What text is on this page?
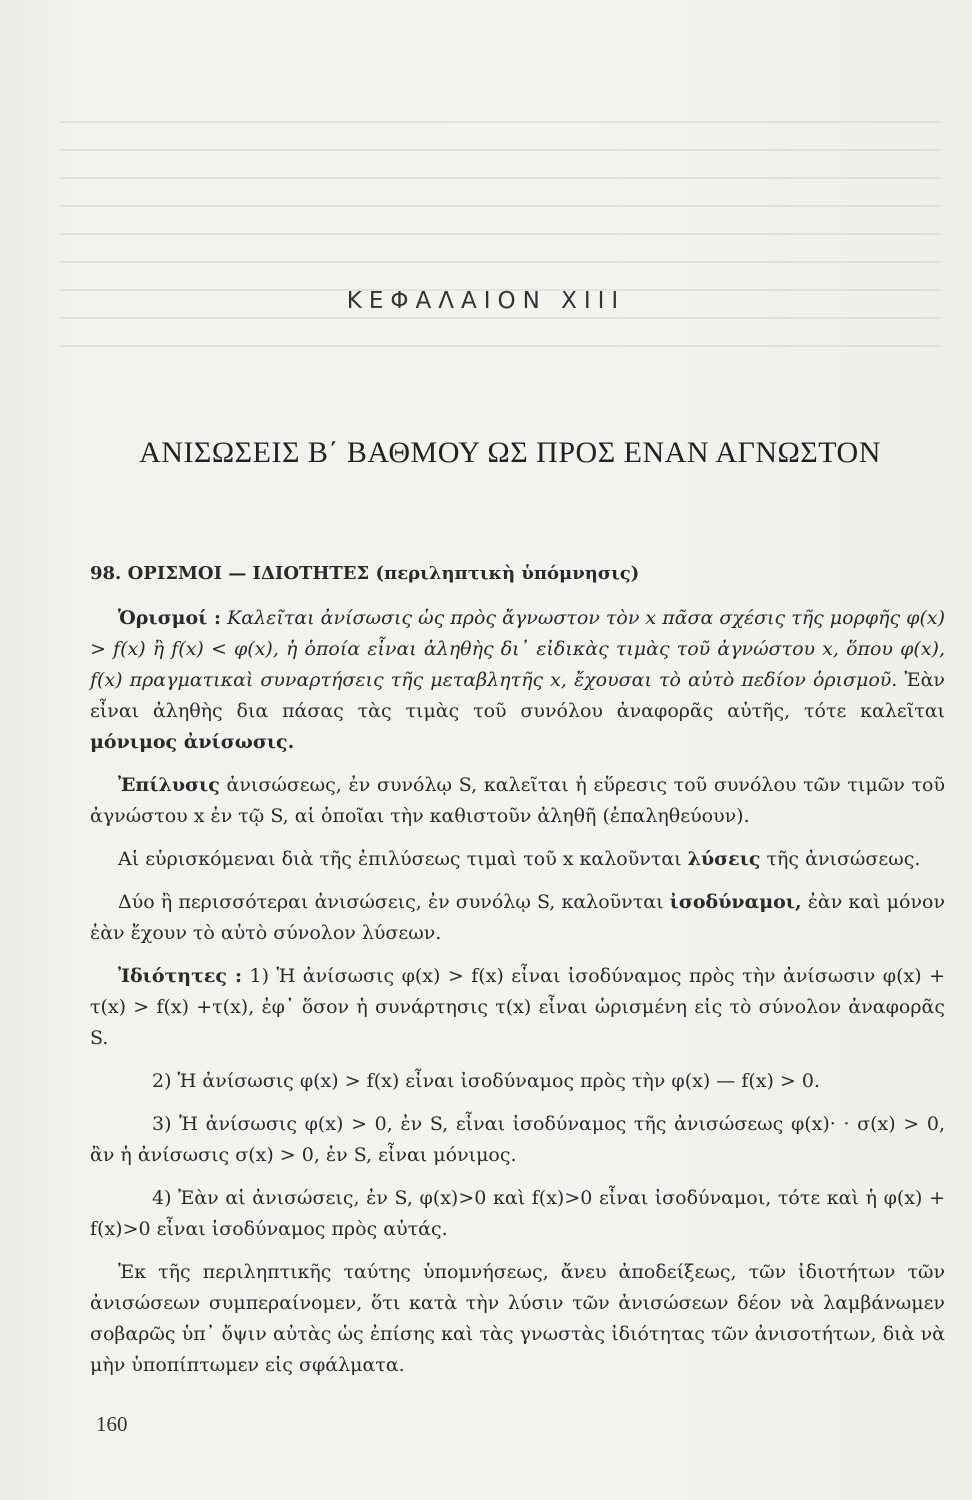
ΚΕΦΑΛΑΙΟΝ XIII
ΑΝΙΣΩΣΕΙΣ Β΄ ΒΑΘΜΟΥ ΩΣ ΠΡΟΣ ΕΝΑΝ ΑΓΝΩΣΤΟΝ

98. ΟΡΙΣΜΟΙ — ΙΔΙΟΤΗΤΕΣ (περιληπτικὴ ὑπόμνησις)

Ὁρισμοί : Καλεῖται ἀνίσωσις ὡς πρὸς ἄγνωστον τὸν x πᾶσα σχέσις τῆς μορφῆς φ(x) > f(x) ἢ f(x) < φ(x), ἡ ὁποία εἶναι ἀληθὴς δι᾽ εἰδικὰς τιμὰς τοῦ ἀγνώστου x, ὅπου φ(x), f(x) πραγματικαὶ συναρτήσεις τῆς μεταβλητῆς x, ἔχουσαι τὸ αὐτὸ πεδίον ὁρισμοῦ. Ἐὰν εἶναι ἀληθὴς δια πάσας τὰς τιμὰς τοῦ συνόλου ἀναφορᾶς αὐτῆς, τότε καλεῖται μόνιμος ἀνίσωσις.

Ἐπίλυσις ἀνισώσεως, ἐν συνόλῳ S, καλεῖται ἡ εὕρεσις τοῦ συνόλου τῶν τιμῶν τοῦ ἀγνώστου x ἐν τῷ S, αἱ ὁποῖαι τὴν καθιστοῦν ἀληθῆ (ἐπαληθεύουν).

Αἱ εὑρισκόμεναι διὰ τῆς ἐπιλύσεως τιμαὶ τοῦ x καλοῦνται λύσεις τῆς ἀνισώσεως.

Δύο ἢ περισσότεραι ἀνισώσεις, ἐν συνόλῳ S, καλοῦνται ἰσοδύναμοι, ἐὰν καὶ μόνον ἐὰν ἔχουν τὸ αὐτὸ σύνολον λύσεων.

Ἰδιότητες : 1) Ἡ ἀνίσωσις φ(x) > f(x) εἶναι ἰσοδύναμος πρὸς τὴν ἀνίσωσιν φ(x) + τ(x) > f(x) +τ(x), ἐφ᾽ ὅσον ἡ συνάρτησις τ(x) εἶναι ὡρισμένη εἰς τὸ σύνολον ἀναφορᾶς S.

2) Ἡ ἀνίσωσις φ(x) > f(x) εἶναι ἰσοδύναμος πρὸς τὴν φ(x) — f(x) > 0.

3) Ἡ ἀνίσωσις φ(x) > 0, ἐν S, εἶναι ἰσοδύναμος τῆς ἀνισώσεως φ(x)· · σ(x) > 0, ἂν ἡ ἀνίσωσις σ(x) > 0, ἐν S, εἶναι μόνιμος.

4) Ἐὰν αἱ ἀνισώσεις, ἐν S, φ(x)>0 καὶ f(x)>0 εἶναι ἰσοδύναμοι, τότε καὶ ἡ φ(x) + f(x)>0 εἶναι ἰσοδύναμος πρὸς αὐτάς.

Ἐκ τῆς περιληπτικῆς ταύτης ὑπομνήσεως, ἄνευ ἀποδείξεως, τῶν ἰδιοτήτων τῶν ἀνισώσεων συμπεραίνομεν, ὅτι κατὰ τὴν λύσιν τῶν ἀνισώσεων δέον νὰ λαμβάνωμεν σοβαρῶς ὑπ᾽ ὄψιν αὐτὰς ὡς ἐπίσης καὶ τὰς γνωστὰς ἰδιότητας τῶν ἀνισοτήτων, διὰ νὰ μὴν ὑποπίπτωμεν εἰς σφάλματα.

160
